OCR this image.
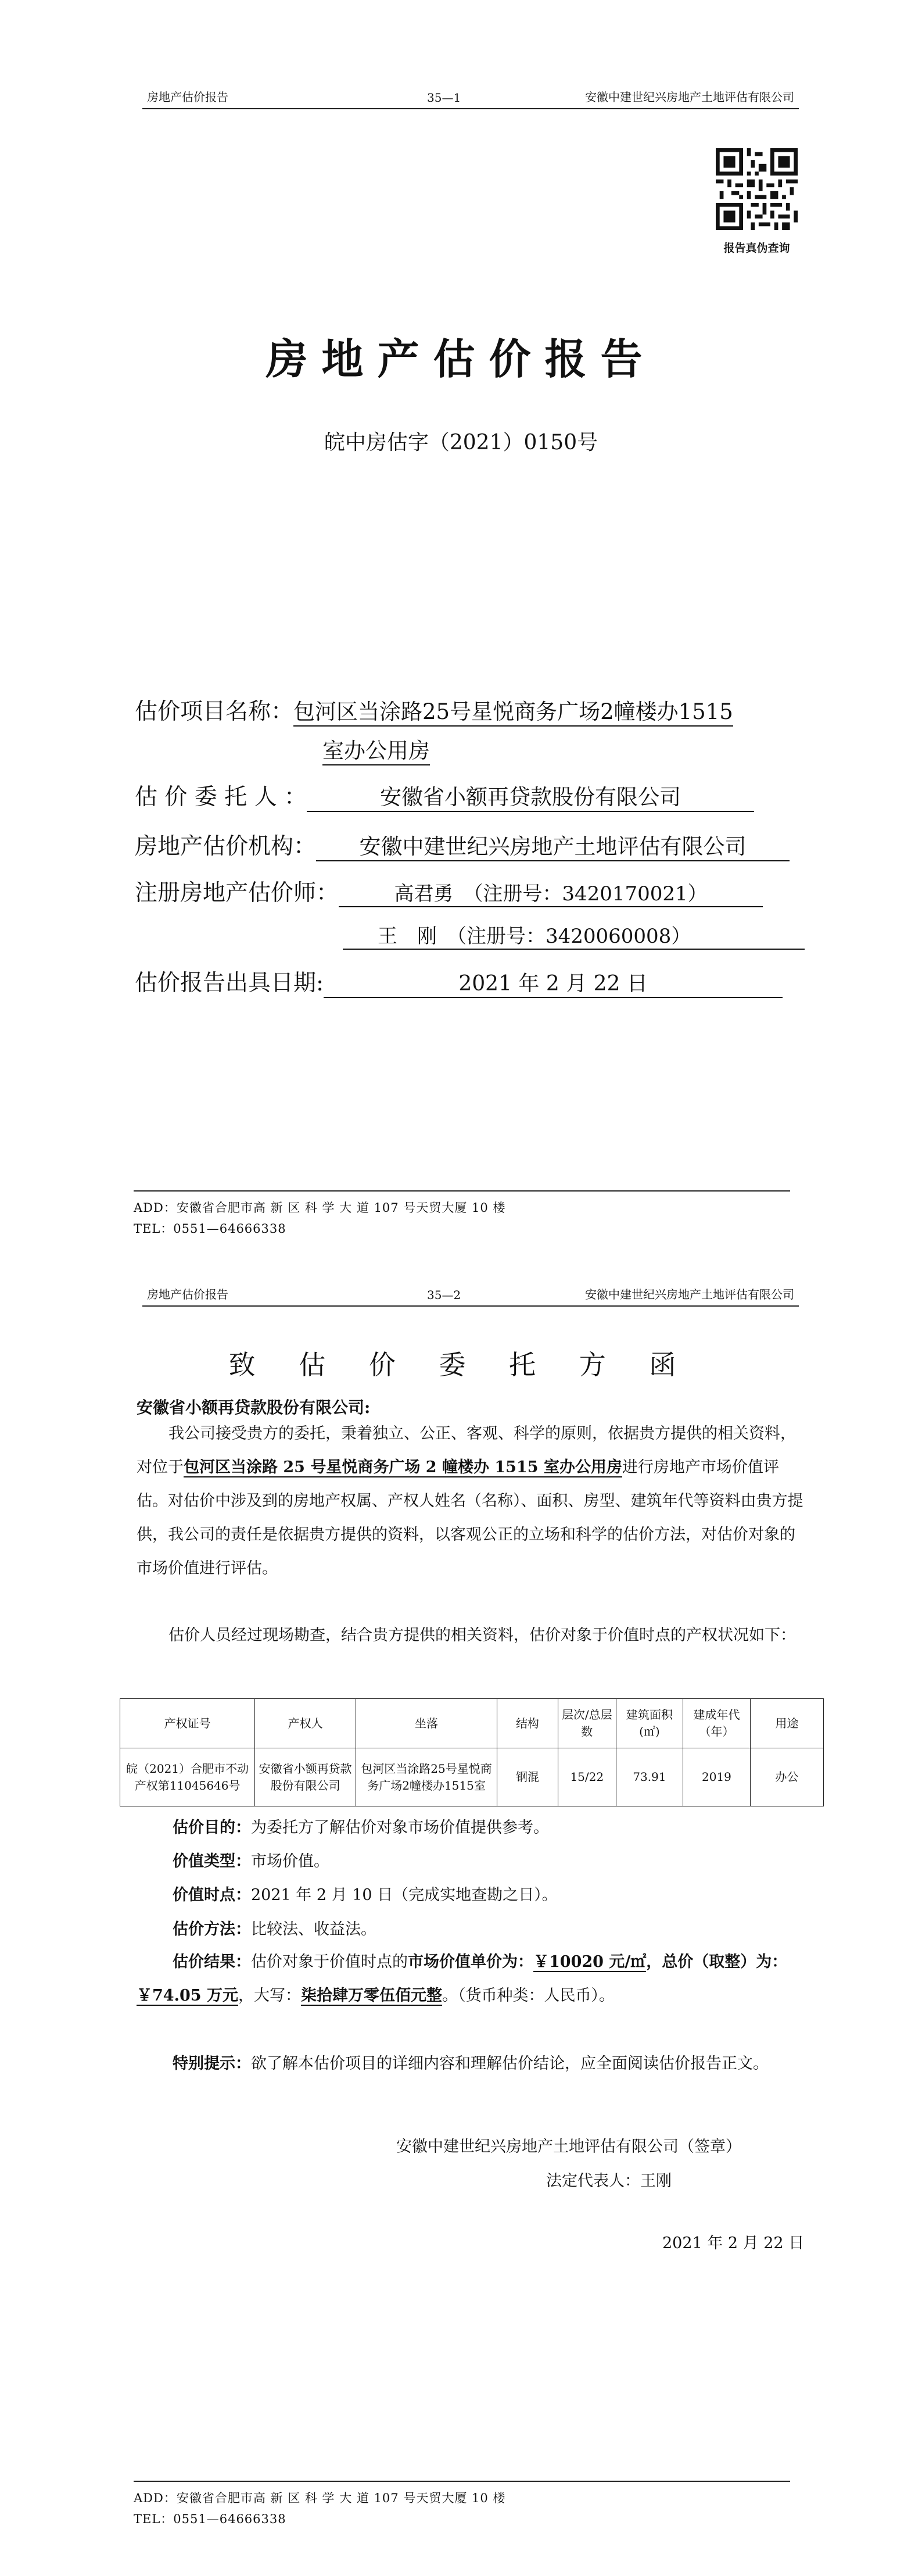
房地产估价报告	35—1	安徽中建世纪兴房地产土地评估有限公司
报告真伪查询
房地产估价报告
皖中房估字（2021）0150号
估价项目名称：包河区当涂路25号星悦商务广场2幢楼办1515
室办公用房
估 价 委 托 人 ：	安徽省小额再贷款股份有限公司
房地产估价机构： 安徽中建世纪兴房地产土地评估有限公司
注册房地产估价师：	高君勇　（注册号：3420170021）
王　刚　（注册号：3420060008）
估价报告出具日期:	2021 年 2 月 22 日
ADD：安徽省合肥市高 新 区 科 学 大 道 107 号天贸大厦 10 楼
TEL：0551—64666338
房地产估价报告	35—2	安徽中建世纪兴房地产土地评估有限公司
致 估 价 委 托 方 函
安徽省小额再贷款股份有限公司:
我公司接受贵方的委托，秉着独立、公正、客观、科学的原则，依据贵方提供的相关资料，对位于包河区当涂路 25 号星悦商务广场 2 幢楼办 1515 室办公用房进行房地产市场价值评估。对估价中涉及到的房地产权属、产权人姓名（名称）、面积、房型、建筑年代等资料由贵方提供，我公司的责任是依据贵方提供的资料，以客观公正的立场和科学的估价方法，对估价对象的市场价值进行评估。
估价人员经过现场勘查，结合贵方提供的相关资料，估价对象于价值时点的产权状况如下：
产权证号	产权人	坐落	结构	层次/总层数	建筑面积(㎡)	建成年代（年）	用途
皖（2021）合肥市不动产权第11045646号	安徽省小额再贷款股份有限公司	包河区当涂路25号星悦商务广场2幢楼办1515室	钢混	15/22	73.91	2019	办公
估价目的：为委托方了解估价对象市场价值提供参考。
价值类型：市场价值。
价值时点：2021 年 2 月 10 日（完成实地查勘之日）。
估价方法：比较法、收益法。
估价结果：估价对象于价值时点的市场价值单价为：￥10020 元/㎡，总价（取整）为：￥74.05 万元，大写：柒拾肆万零伍佰元整。（货币种类：人民币）。
特别提示：欲了解本估价项目的详细内容和理解估价结论，应全面阅读估价报告正文。
安徽中建世纪兴房地产土地评估有限公司（签章）
法定代表人：王刚
2021 年 2 月 22 日
ADD：安徽省合肥市高 新 区 科 学 大 道 107 号天贸大厦 10 楼
TEL：0551—64666338
